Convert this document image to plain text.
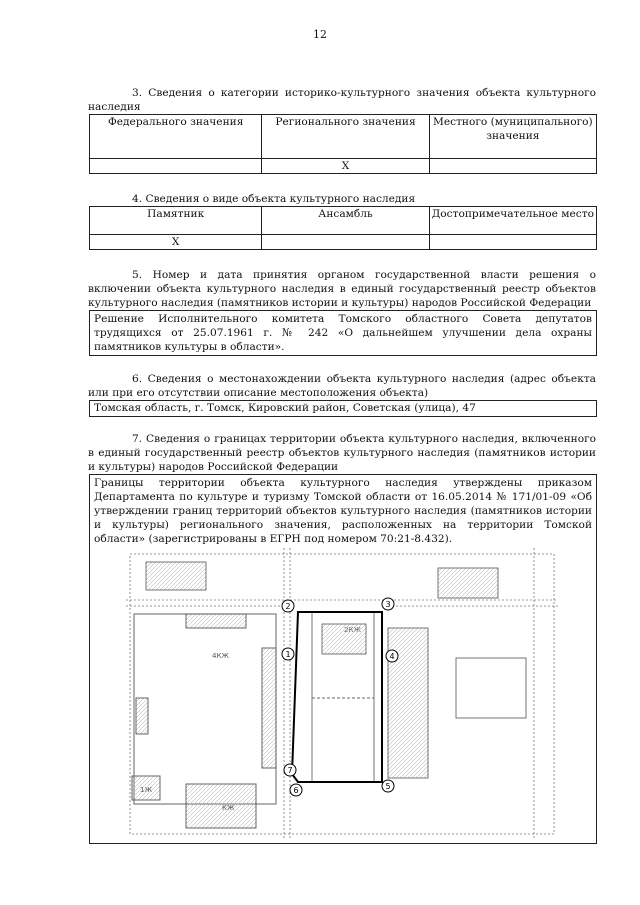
12
3. Сведения о категории историко-культурного значения объекта культурного наследия
Федерального значения	Регионального значения	Местного (муниципального) значения
	Х	
4. Сведения о виде объекта культурного наследия
Памятник	Ансамбль	Достопримечательное место
Х		
5. Номер и дата принятия органом государственной власти решения о включении объекта культурного наследия в единый государственный реестр объектов культурного наследия (памятников истории и культуры) народов Российской Федерации
Решение Исполнительного комитета Томского областного Совета депутатов трудящихся от 25.07.1961 г. № 242 «О дальнейшем улучшении дела охраны памятников культуры в области».
6. Сведения о местонахождении объекта культурного наследия (адрес объекта или при его отсутствии описание местоположения объекта)
Томская область, г. Томск, Кировский район, Советская (улица), 47
7. Сведения о границах территории объекта культурного наследия, включенного в единый государственный реестр объектов культурного наследия (памятников истории и культуры) народов Российской Федерации
Границы территории объекта культурного наследия утверждены приказом Департамента по культуре и туризму Томской области от 16.05.2014 № 171/01-09 «Об утверждении границ территорий объектов культурного наследия (памятников истории и культуры) регионального значения, расположенных на территории Томской области» (зарегистрированы в ЕГРН под номером 70:21-8.432).
4КЖ
КЖ
1Ж
1
2	3
4
5
6
7
